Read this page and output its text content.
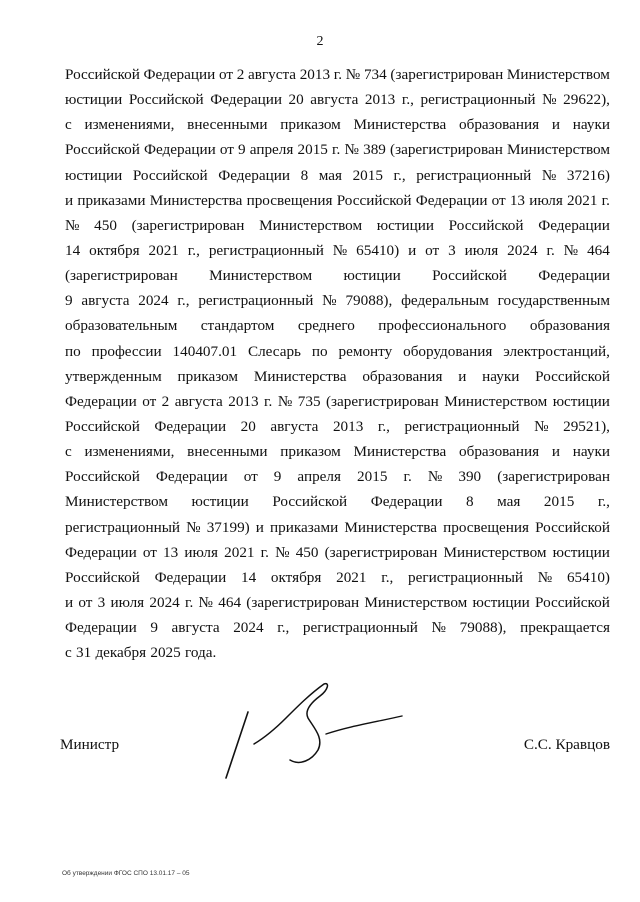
2
Российской Федерации от 2 августа 2013 г. № 734 (зарегистрирован Министерством
юстиции Российской Федерации 20 августа 2013 г., регистрационный № 29622),
с изменениями, внесенными приказом Министерства образования и науки
Российской Федерации от 9 апреля 2015 г. № 389 (зарегистрирован Министерством
юстиции Российской Федерации 8 мая 2015 г., регистрационный № 37216)
и приказами Министерства просвещения Российской Федерации от 13 июля 2021 г.
№ 450 (зарегистрирован Министерством юстиции Российской Федерации
14 октября 2021 г., регистрационный № 65410) и от 3 июля 2024 г. № 464
(зарегистрирован Министерством юстиции Российской Федерации
9 августа 2024 г., регистрационный № 79088), федеральным государственным
образовательным стандартом среднего профессионального образования
по профессии 140407.01 Слесарь по ремонту оборудования электростанций,
утвержденным приказом Министерства образования и науки Российской
Федерации от 2 августа 2013 г. № 735 (зарегистрирован Министерством юстиции
Российской Федерации 20 августа 2013 г., регистрационный № 29521),
с изменениями, внесенными приказом Министерства образования и науки
Российской Федерации от 9 апреля 2015 г. № 390 (зарегистрирован
Министерством юстиции Российской Федерации 8 мая 2015 г.,
регистрационный № 37199) и приказами Министерства просвещения Российской
Федерации от 13 июля 2021 г. № 450 (зарегистрирован Министерством юстиции
Российской Федерации 14 октября 2021 г., регистрационный № 65410)
и от 3 июля 2024 г. № 464 (зарегистрирован Министерством юстиции Российской
Федерации 9 августа 2024 г., регистрационный № 79088), прекращается
с 31 декабря 2025 года.
Министр	С.С. Кравцов
Об утверждении ФГОС СПО 13.01.17 – 05
